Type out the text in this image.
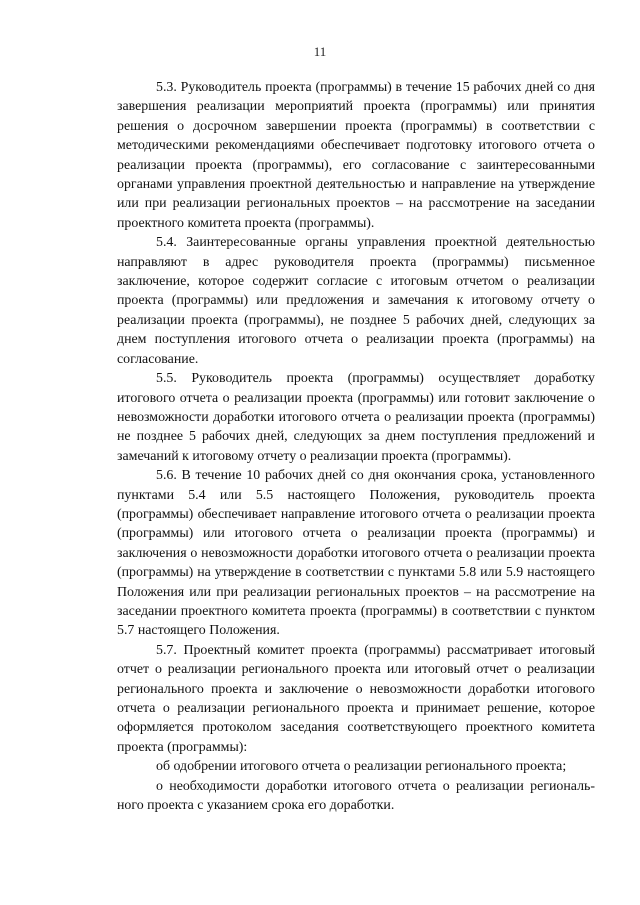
11

5.3. Руководитель проекта (программы) в течение 15 рабочих дней со дня завершения реализации мероприятий проекта (программы) или принятия решения о досрочном завершении проекта (программы) в соответствии с методическими рекомендациями обеспечивает подготовку итогового отчета о реализации проекта (программы), его согласование с заинтересованными органами управления проектной деятельностью и направление на утверждение или при реализации региональных проектов – на рассмотрение на заседании проектного комитета проекта (программы).

5.4. Заинтересованные органы управления проектной деятельностью направляют в адрес руководителя проекта (программы) письменное заключение, которое содержит согласие с итоговым отчетом о реализации проекта (программы) или предложения и замечания к итоговому отчету о реализации проекта (программы), не позднее 5 рабочих дней, следующих за днем поступления итогового отчета о реализации проекта (программы) на согласование.

5.5. Руководитель проекта (программы) осуществляет доработку итогового отчета о реализации проекта (программы) или готовит заключение о невозможности доработки итогового отчета о реализации проекта (программы) не позднее 5 рабочих дней, следующих за днем поступления предложений и замечаний к итоговому отчету о реализации проекта (программы).

5.6. В течение 10 рабочих дней со дня окончания срока, установленного пунктами 5.4 или 5.5 настоящего Положения, руководитель проекта (программы) обеспечивает направление итогового отчета о реализации проекта (программы) или итогового отчета о реализации проекта (программы) и заключения о невозможности доработки итогового отчета о реализации проекта (программы) на утверждение в соответствии с пунктами 5.8 или 5.9 настоящего Положения или при реализации региональных проектов – на рассмотрение на заседании проектного комитета проекта (программы) в соответствии с пунктом 5.7 настоящего Положения.

5.7. Проектный комитет проекта (программы) рассматривает итоговый отчет о реализации регионального проекта или итоговый отчет о реализации регионального проекта и заключение о невозможности доработки итогового отчета о реализации регионального проекта и принимает решение, которое оформляется протоколом заседания соответствующего проектного комитета проекта (программы):

об одобрении итогового отчета о реализации регионального проекта;

о необходимости доработки итогового отчета о реализации регионального проекта с указанием срока его доработки.
